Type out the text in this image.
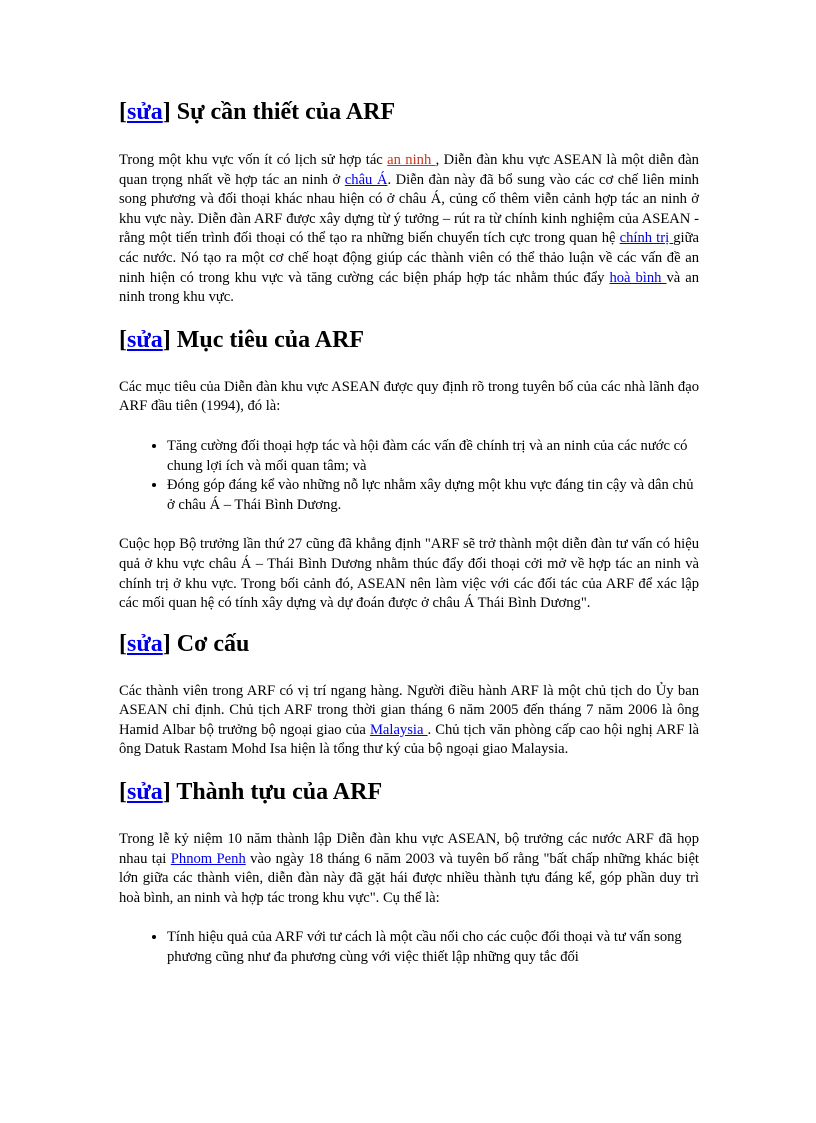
[sửa] Sự cần thiết của ARF

Trong một khu vực vốn ít có lịch sử hợp tác an ninh , Diễn đàn khu vực ASEAN là một diễn đàn quan trọng nhất về hợp tác an ninh ở châu Á. Diễn đàn này đã bổ sung vào các cơ chế liên minh song phương và đối thoại khác nhau hiện có ở châu Á, củng cố thêm viễn cảnh hợp tác an ninh ở khu vực này. Diễn đàn ARF được xây dựng từ ý tưởng – rút ra từ chính kinh nghiệm của ASEAN - rằng một tiến trình đối thoại có thể tạo ra những biến chuyển tích cực trong quan hệ chính trị giữa các nước. Nó tạo ra một cơ chế hoạt động giúp các thành viên có thể thảo luận về các vấn đề an ninh hiện có trong khu vực và tăng cường các biện pháp hợp tác nhằm thúc đẩy hoà bình và an ninh trong khu vực.

[sửa] Mục tiêu của ARF

Các mục tiêu của Diễn đàn khu vực ASEAN được quy định rõ trong tuyên bố của các nhà lãnh đạo ARF đầu tiên (1994), đó là:

• Tăng cường đối thoại hợp tác và hội đàm các vấn đề chính trị và an ninh của các nước có chung lợi ích và mối quan tâm; và
• Đóng góp đáng kể vào những nỗ lực nhằm xây dựng một khu vực đáng tin cậy và dân chủ ở châu Á – Thái Bình Dương.

Cuộc họp Bộ trưởng lần thứ 27 cũng đã khẳng định "ARF sẽ trở thành một diễn đàn tư vấn có hiệu quả ở khu vực châu Á – Thái Bình Dương nhằm thúc đẩy đối thoại cởi mở về hợp tác an ninh và chính trị ở khu vực. Trong bối cảnh đó, ASEAN nên làm việc với các đối tác của ARF để xác lập các mối quan hệ có tính xây dựng và dự đoán được ở châu Á Thái Bình Dương".

[sửa] Cơ cấu

Các thành viên trong ARF có vị trí ngang hàng. Người điều hành ARF là một chủ tịch do Ủy ban ASEAN chỉ định. Chủ tịch ARF trong thời gian tháng 6 năm 2005 đến tháng 7 năm 2006 là ông Hamid Albar bộ trưởng bộ ngoại giao của Malaysia . Chủ tịch văn phòng cấp cao hội nghị ARF là ông Datuk Rastam Mohd Isa hiện là tổng thư ký của bộ ngoại giao Malaysia.

[sửa] Thành tựu của ARF

Trong lễ kỷ niệm 10 năm thành lập Diễn đàn khu vực ASEAN, bộ trưởng các nước ARF đã họp nhau tại Phnom Penh vào ngày 18 tháng 6 năm 2003 và tuyên bố rằng "bất chấp những khác biệt lớn giữa các thành viên, diễn đàn này đã gặt hái được nhiều thành tựu đáng kể, góp phần duy trì hoà bình, an ninh và hợp tác trong khu vực". Cụ thể là:

• Tính hiệu quả của ARF với tư cách là một cầu nối cho các cuộc đối thoại và tư vấn song phương cũng như đa phương cùng với việc thiết lập những quy tắc đối
